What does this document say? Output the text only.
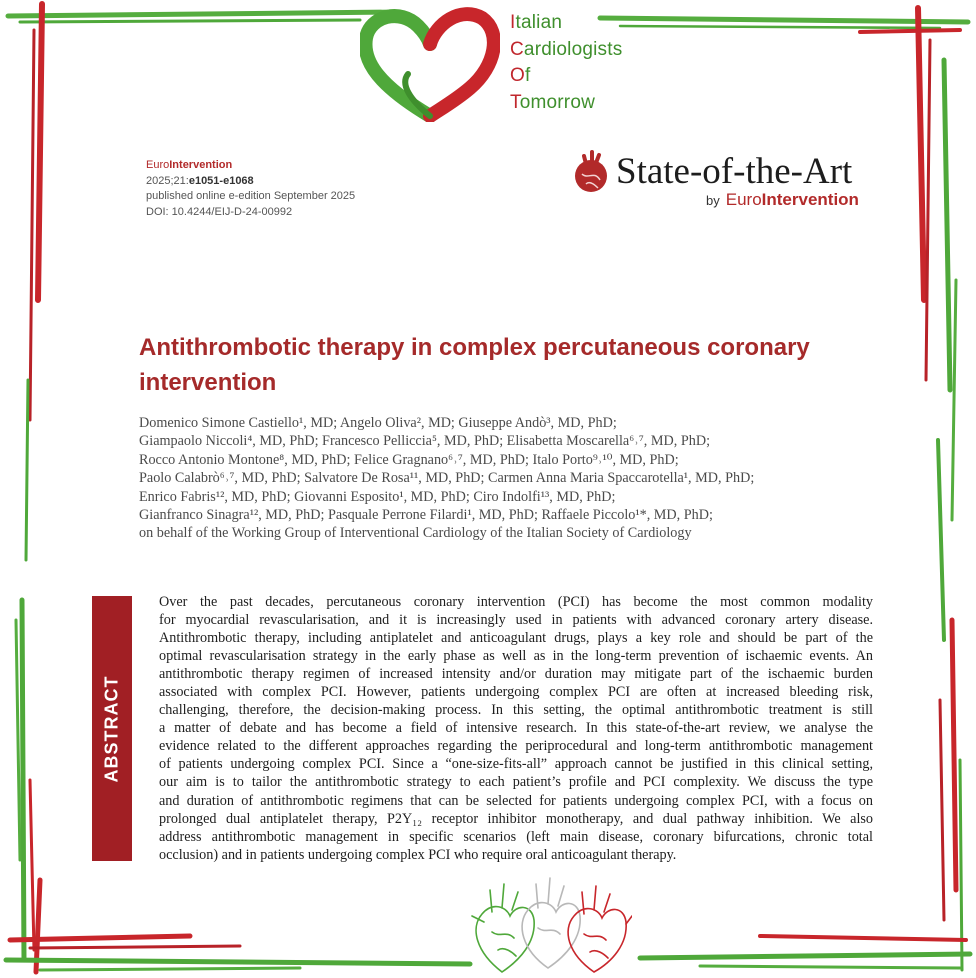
Italian
Cardiologists
Of
Tomorrow
EuroIntervention
2025;21:e1051-e1068
published online e-edition September 2025
DOI: 10.4244/EIJ-D-24-00992
State-of-the-Art
by EuroIntervention
Antithrombotic therapy in complex percutaneous coronary intervention
Domenico Simone Castiello¹, MD; Angelo Oliva², MD; Giuseppe Andò³, MD, PhD;
Giampaolo Niccoli⁴, MD, PhD; Francesco Pelliccia⁵, MD, PhD; Elisabetta Moscarella⁶˒⁷, MD, PhD;
Rocco Antonio Montone⁸, MD, PhD; Felice Gragnano⁶˒⁷, MD, PhD; Italo Porto⁹˒¹⁰, MD, PhD;
Paolo Calabrò⁶˒⁷, MD, PhD; Salvatore De Rosa¹¹, MD, PhD; Carmen Anna Maria Spaccarotella¹, MD, PhD;
Enrico Fabris¹², MD, PhD; Giovanni Esposito¹, MD, PhD; Ciro Indolfi¹³, MD, PhD;
Gianfranco Sinagra¹², MD, PhD; Pasquale Perrone Filardi¹, MD, PhD; Raffaele Piccolo¹*, MD, PhD;
on behalf of the Working Group of Interventional Cardiology of the Italian Society of Cardiology
ABSTRACT
Over the past decades, percutaneous coronary intervention (PCI) has become the most common modality
for myocardial revascularisation, and it is increasingly used in patients with advanced coronary artery disease.
Antithrombotic therapy, including antiplatelet and anticoagulant drugs, plays a key role and should be part of the
optimal revascularisation strategy in the early phase as well as in the long-term prevention of ischaemic events. An
antithrombotic therapy regimen of increased intensity and/or duration may mitigate part of the ischaemic burden
associated with complex PCI. However, patients undergoing complex PCI are often at increased bleeding risk,
challenging, therefore, the decision-making process. In this setting, the optimal antithrombotic treatment is still
a matter of debate and has become a field of intensive research. In this state-of-the-art review, we analyse the
evidence related to the different approaches regarding the periprocedural and long-term antithrombotic management
of patients undergoing complex PCI. Since a “one-size-fits-all” approach cannot be justified in this clinical setting,
our aim is to tailor the antithrombotic strategy to each patient’s profile and PCI complexity. We discuss the type
and duration of antithrombotic regimens that can be selected for patients undergoing complex PCI, with a focus on
prolonged dual antiplatelet therapy, P2Y₁₂ receptor inhibitor monotherapy, and dual pathway inhibition. We also
address antithrombotic management in specific scenarios (left main disease, coronary bifurcations, chronic total
occlusion) and in patients undergoing complex PCI who require oral anticoagulant therapy.
